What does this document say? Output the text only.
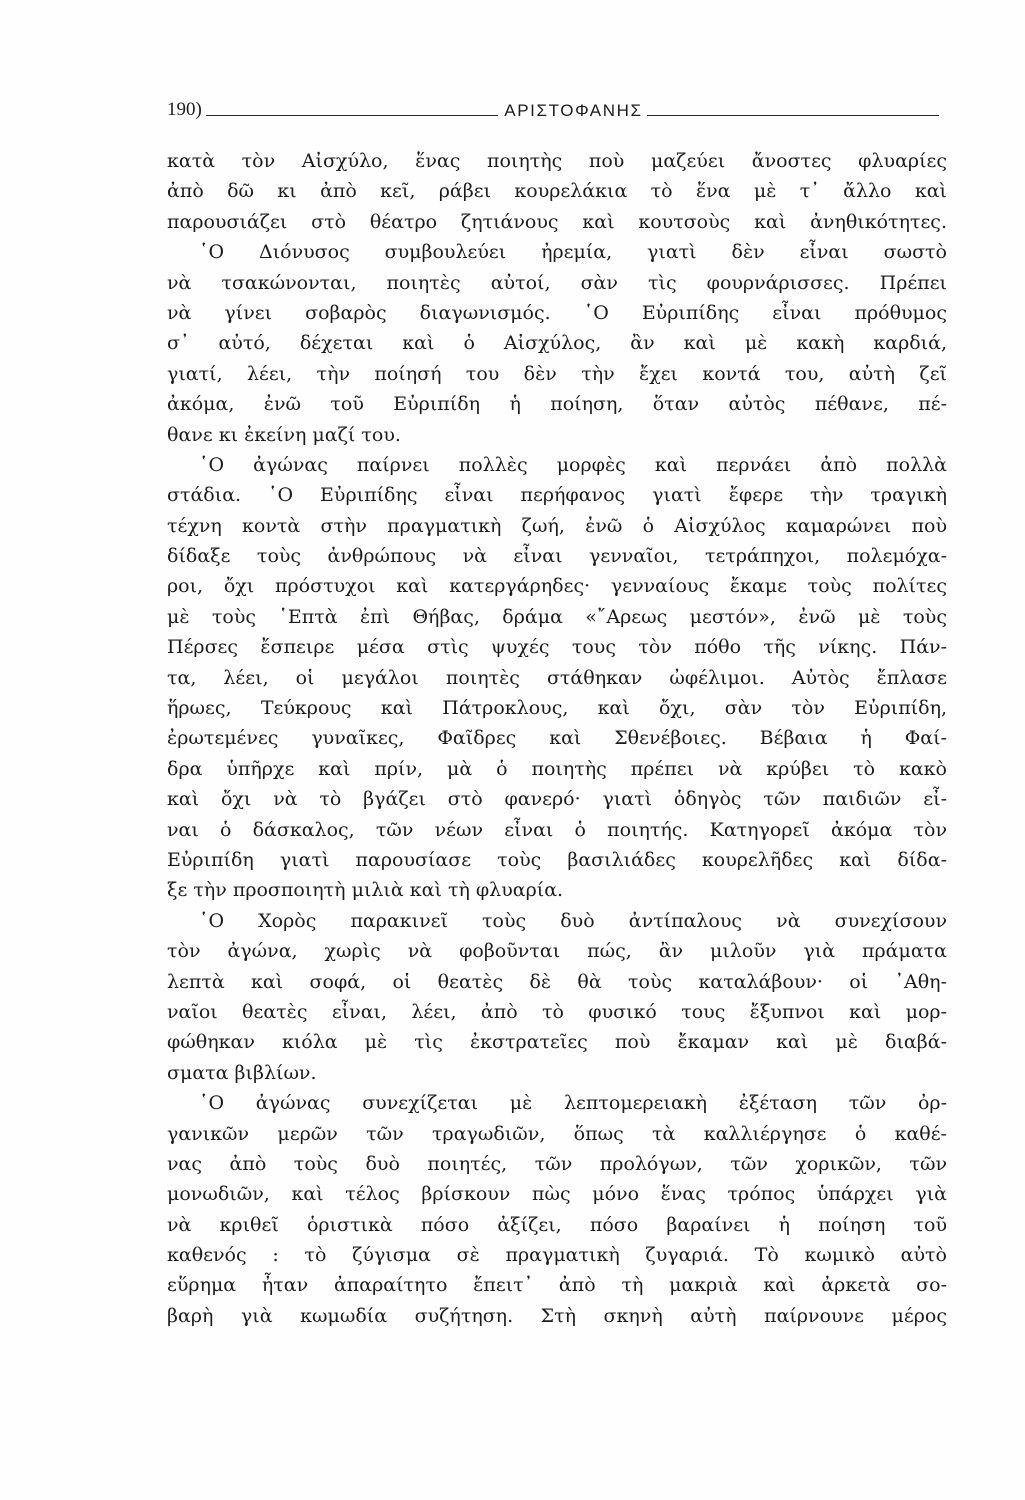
190)	ΑΡΙΣΤΟΦΑΝΗΣ
κατὰ τὸν Αἰσχύλο, ἕνας ποιητὴς ποὺ μαζεύει ἄνοστες φλυαρίες
ἀπὸ δῶ κι ἀπὸ κεῖ, ράβει κουρελάκια τὸ ἕνα μὲ τ᾿ ἄλλο καὶ
παρουσιάζει στὸ θέατρο ζητιάνους καὶ κουτσοὺς καὶ ἀνηθικότητες.
῾Ο Διόνυσος συμβουλεύει ἠρεμία, γιατὶ δὲν εἶναι σωστὸ
νὰ τσακώνονται, ποιητὲς αὐτοί, σὰν τὶς φουρνάρισσες. Πρέπει
νὰ γίνει σοβαρὸς διαγωνισμός. ῾Ο Εὐριπίδης εἶναι πρόθυμος
σ᾿ αὐτό, δέχεται καὶ ὁ Αἰσχύλος, ἂν καὶ μὲ κακὴ καρδιά,
γιατί, λέει, τὴν ποίησή του δὲν τὴν ἔχει κοντά του, αὐτὴ ζεῖ
ἀκόμα, ἐνῶ τοῦ Εὐριπίδη ἡ ποίηση, ὅταν αὐτὸς πέθανε, πέ-
θανε κι ἐκείνη μαζί του.
῾Ο ἀγώνας παίρνει πολλὲς μορφὲς καὶ περνάει ἀπὸ πολλὰ
στάδια. ῾Ο Εὐριπίδης εἶναι περήφανος γιατὶ ἔφερε τὴν τραγικὴ
τέχνη κοντὰ στὴν πραγματικὴ ζωή, ἐνῶ ὁ Αἰσχύλος καμαρώνει ποὺ
δίδαξε τοὺς ἀνθρώπους νὰ εἶναι γενναῖοι, τετράπηχοι, πολεμόχα-
ροι, ὄχι πρόστυχοι καὶ κατεργάρηδες· γενναίους ἔκαμε τοὺς πολίτες
μὲ τοὺς ῾Επτὰ ἐπὶ Θήβας, δράμα «῎Αρεως μεστόν», ἐνῶ μὲ τοὺς
Πέρσες ἔσπειρε μέσα στὶς ψυχές τους τὸν πόθο τῆς νίκης. Πάν-
τα, λέει, οἱ μεγάλοι ποιητὲς στάθηκαν ὠφέλιμοι. Αὐτὸς ἔπλασε
ἥρωες, Τεύκρους καὶ Πάτροκλους, καὶ ὄχι, σὰν τὸν Εὐριπίδη,
ἐρωτεμένες γυναῖκες, Φαῖδρες καὶ Σθενέβοιες. Βέβαια ἡ Φαί-
δρα ὑπῆρχε καὶ πρίν, μὰ ὁ ποιητὴς πρέπει νὰ κρύβει τὸ κακὸ
καὶ ὄχι νὰ τὸ βγάζει στὸ φανερό· γιατὶ ὁδηγὸς τῶν παιδιῶν εἶ-
ναι ὁ δάσκαλος, τῶν νέων εἶναι ὁ ποιητής. Κατηγορεῖ ἀκόμα τὸν
Εὐριπίδη γιατὶ παρουσίασε τοὺς βασιλιάδες κουρελῆδες καὶ δίδα-
ξε τὴν προσποιητὴ μιλιὰ καὶ τὴ φλυαρία.
῾Ο Χορὸς παρακινεῖ τοὺς δυὸ ἀντίπαλους νὰ συνεχίσουν
τὸν ἀγώνα, χωρὶς νὰ φοβοῦνται πώς, ἂν μιλοῦν γιὰ πράματα
λεπτὰ καὶ σοφά, οἱ θεατὲς δὲ θὰ τοὺς καταλάβουν· οἱ ᾿Αθη-
ναῖοι θεατὲς εἶναι, λέει, ἀπὸ τὸ φυσικό τους ἔξυπνοι καὶ μορ-
φώθηκαν κιόλα μὲ τὶς ἐκστρατεῖες ποὺ ἔκαμαν καὶ μὲ διαβά-
σματα βιβλίων.
῾Ο ἀγώνας συνεχίζεται μὲ λεπτομερειακὴ ἐξέταση τῶν ὀρ-
γανικῶν μερῶν τῶν τραγωδιῶν, ὅπως τὰ καλλιέργησε ὁ καθέ-
νας ἀπὸ τοὺς δυὸ ποιητές, τῶν προλόγων, τῶν χορικῶν, τῶν
μονωδιῶν, καὶ τέλος βρίσκουν πὼς μόνο ἕνας τρόπος ὑπάρχει γιὰ
νὰ κριθεῖ ὁριστικὰ πόσο ἀξίζει, πόσο βαραίνει ἡ ποίηση τοῦ
καθενός : τὸ ζύγισμα σὲ πραγματικὴ ζυγαριά. Τὸ κωμικὸ αὐτὸ
εὕρημα ἦταν ἀπαραίτητο ἔπειτ᾿ ἀπὸ τὴ μακριὰ καὶ ἀρκετὰ σο-
βαρὴ γιὰ κωμωδία συζήτηση. Στὴ σκηνὴ αὐτὴ παίρνουνε μέρος
